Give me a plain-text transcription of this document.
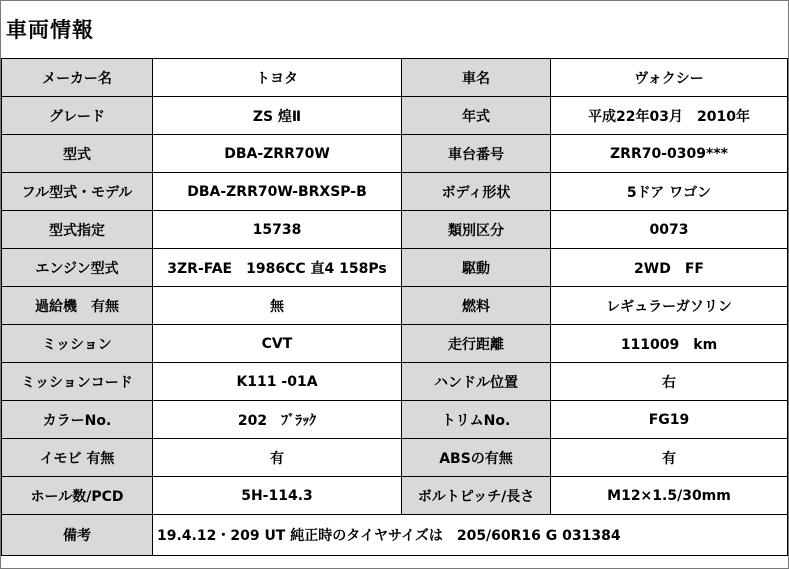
車両情報
メーカー名	トヨタ	車名	ヴォクシー
グレード	ZS 煌Ⅱ	年式	平成22年03月　2010年
型式	DBA-ZRR70W	車台番号	ZRR70-0309***
フル型式・モデル	DBA-ZRR70W-BRXSP-B	ボディ形状	5ドア ワゴン
型式指定	15738	類別区分	0073
エンジン型式	3ZR-FAE　1986CC 直4 158Ps	駆動	2WD　FF
過給機　有無	無	燃料	レギュラーガソリン
ミッション	CVT	走行距離	111009　km
ミッションコード	K111 -01A	ハンドル位置	右
カラーNo.	202　ﾌﾞﾗｯｸ	トリムNo.	FG19
イモビ 有無	有	ABSの有無	有
ホール数/PCD	5H-114.3	ボルトピッチ/長さ	M12×1.5/30mm
備考	19.4.12・209 UT 純正時のタイヤサイズは　205/60R16 G 031384		
